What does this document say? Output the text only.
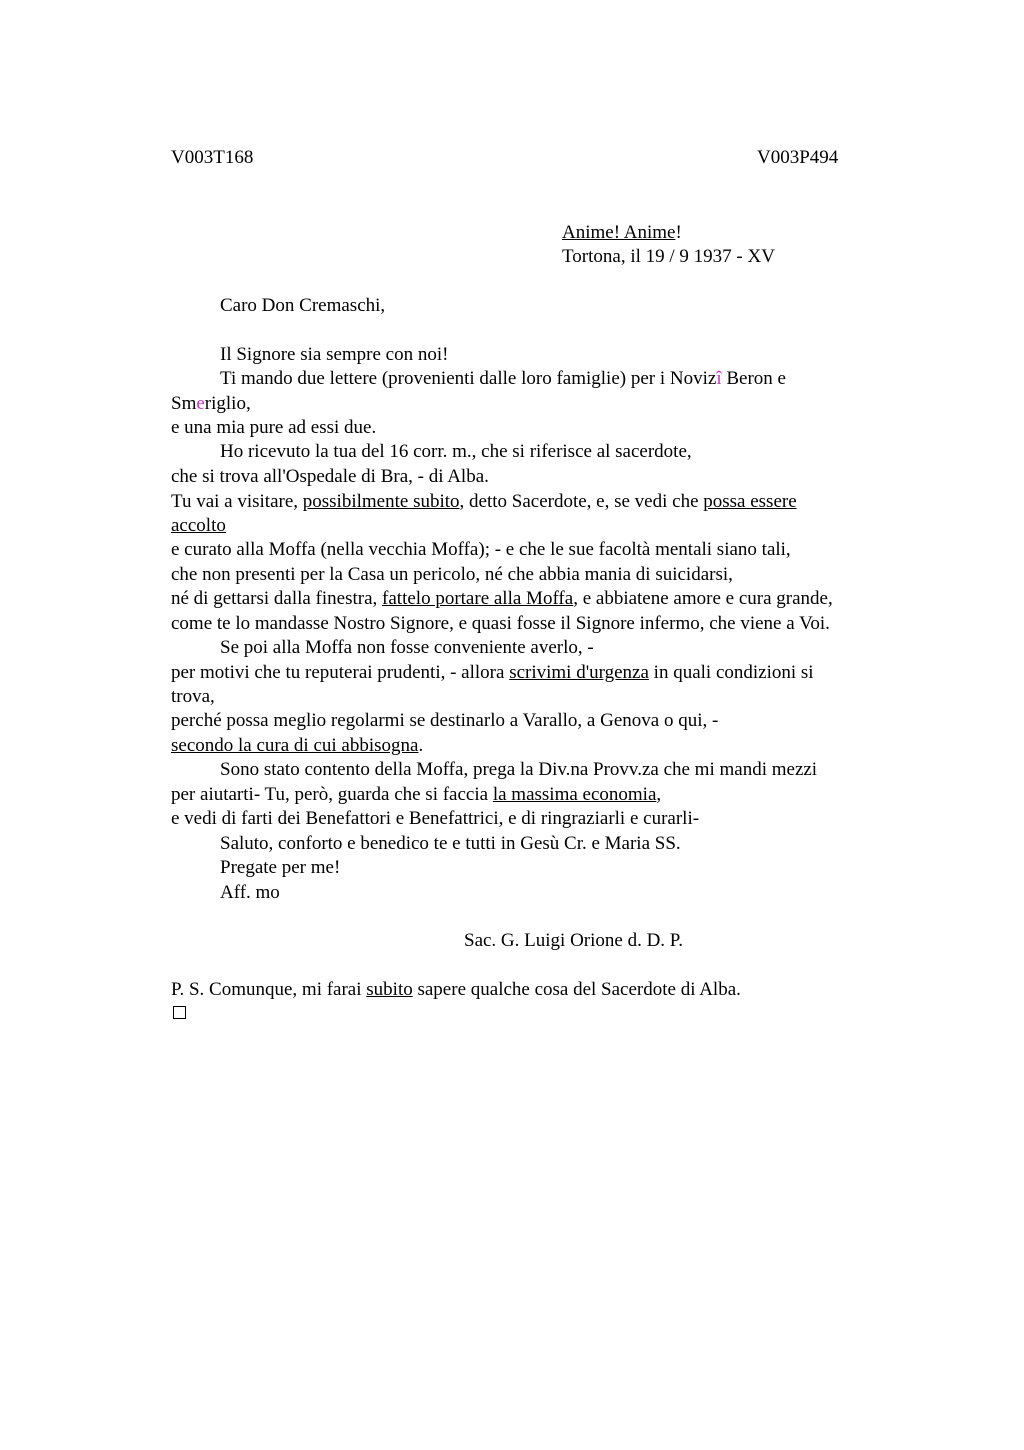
V003T168	V003P494
Anime! Anime!
Tortona, il 19 / 9 1937 - XV
Caro Don Cremaschi,
Il Signore sia sempre con noi!
Ti mando due lettere (provenienti dalle loro famiglie) per i Novizî Beron e
Smeriglio,
e una mia pure ad essi due.
Ho ricevuto la tua del 16 corr. m., che si riferisce al sacerdote,
che si trova all'Ospedale di Bra, - di Alba.
Tu vai a visitare, possibilmente subito, detto Sacerdote, e, se vedi che possa essere
accolto
e curato alla Moffa (nella vecchia Moffa); - e che le sue facoltà mentali siano tali,
che non presenti per la Casa un pericolo, né che abbia mania di suicidarsi,
né di gettarsi dalla finestra, fattelo portare alla Moffa, e abbiatene amore e cura grande,
come te lo mandasse Nostro Signore, e quasi fosse il Signore infermo, che viene a Voi.
Se poi alla Moffa non fosse conveniente averlo, -
per motivi che tu reputerai prudenti, - allora scrivimi d'urgenza in quali condizioni si
trova,
perché possa meglio regolarmi se destinarlo a Varallo, a Genova o qui, -
secondo la cura di cui abbisogna.
Sono stato contento della Moffa, prega la Div.na Provv.za che mi mandi mezzi
per aiutarti- Tu, però, guarda che si faccia la massima economia,
e vedi di farti dei Benefattori e Benefattrici, e di ringraziarli e curarli-
Saluto, conforto e benedico te e tutti in Gesù Cr. e Maria SS.
Pregate per me!
Aff. mo
Sac. G. Luigi Orione d. D. P.
P. S. Comunque, mi farai subito sapere qualche cosa del Sacerdote di Alba.
